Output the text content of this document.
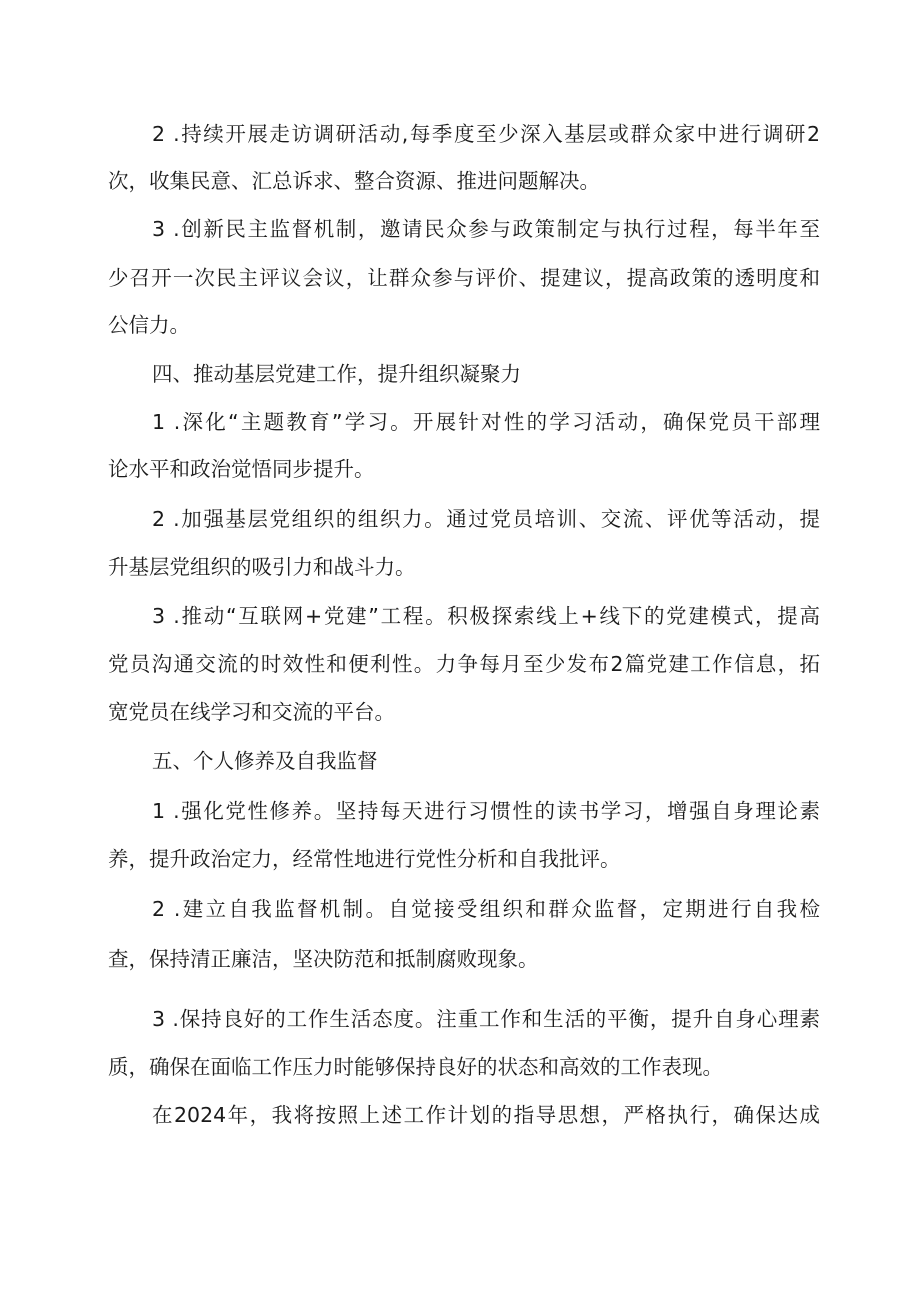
2 .持续开展走访调研活动,每季度至少深入基层或群众家中进行调研2
次，收集民意、汇总诉求、整合资源、推进问题解决。
3 .创新民主监督机制，邀请民众参与政策制定与执行过程，每半年至
少召开一次民主评议会议，让群众参与评价、提建议，提高政策的透明度和
公信力。
四、推动基层党建工作，提升组织凝聚力
1 .深化“主题教育”学习。开展针对性的学习活动，确保党员干部理
论水平和政治觉悟同步提升。
2 .加强基层党组织的组织力。通过党员培训、交流、评优等活动，提
升基层党组织的吸引力和战斗力。
3 .推动“互联网+党建”工程。积极探索线上+线下的党建模式，提高
党员沟通交流的时效性和便利性。力争每月至少发布2篇党建工作信息，拓
宽党员在线学习和交流的平台。
五、个人修养及自我监督
1 .强化党性修养。坚持每天进行习惯性的读书学习，增强自身理论素
养，提升政治定力，经常性地进行党性分析和自我批评。
2 .建立自我监督机制。自觉接受组织和群众监督，定期进行自我检
查，保持清正廉洁，坚决防范和抵制腐败现象。
3 .保持良好的工作生活态度。注重工作和生活的平衡，提升自身心理素
质，确保在面临工作压力时能够保持良好的状态和高效的工作表现。
在2024年，我将按照上述工作计划的指导思想，严格执行，确保达成
